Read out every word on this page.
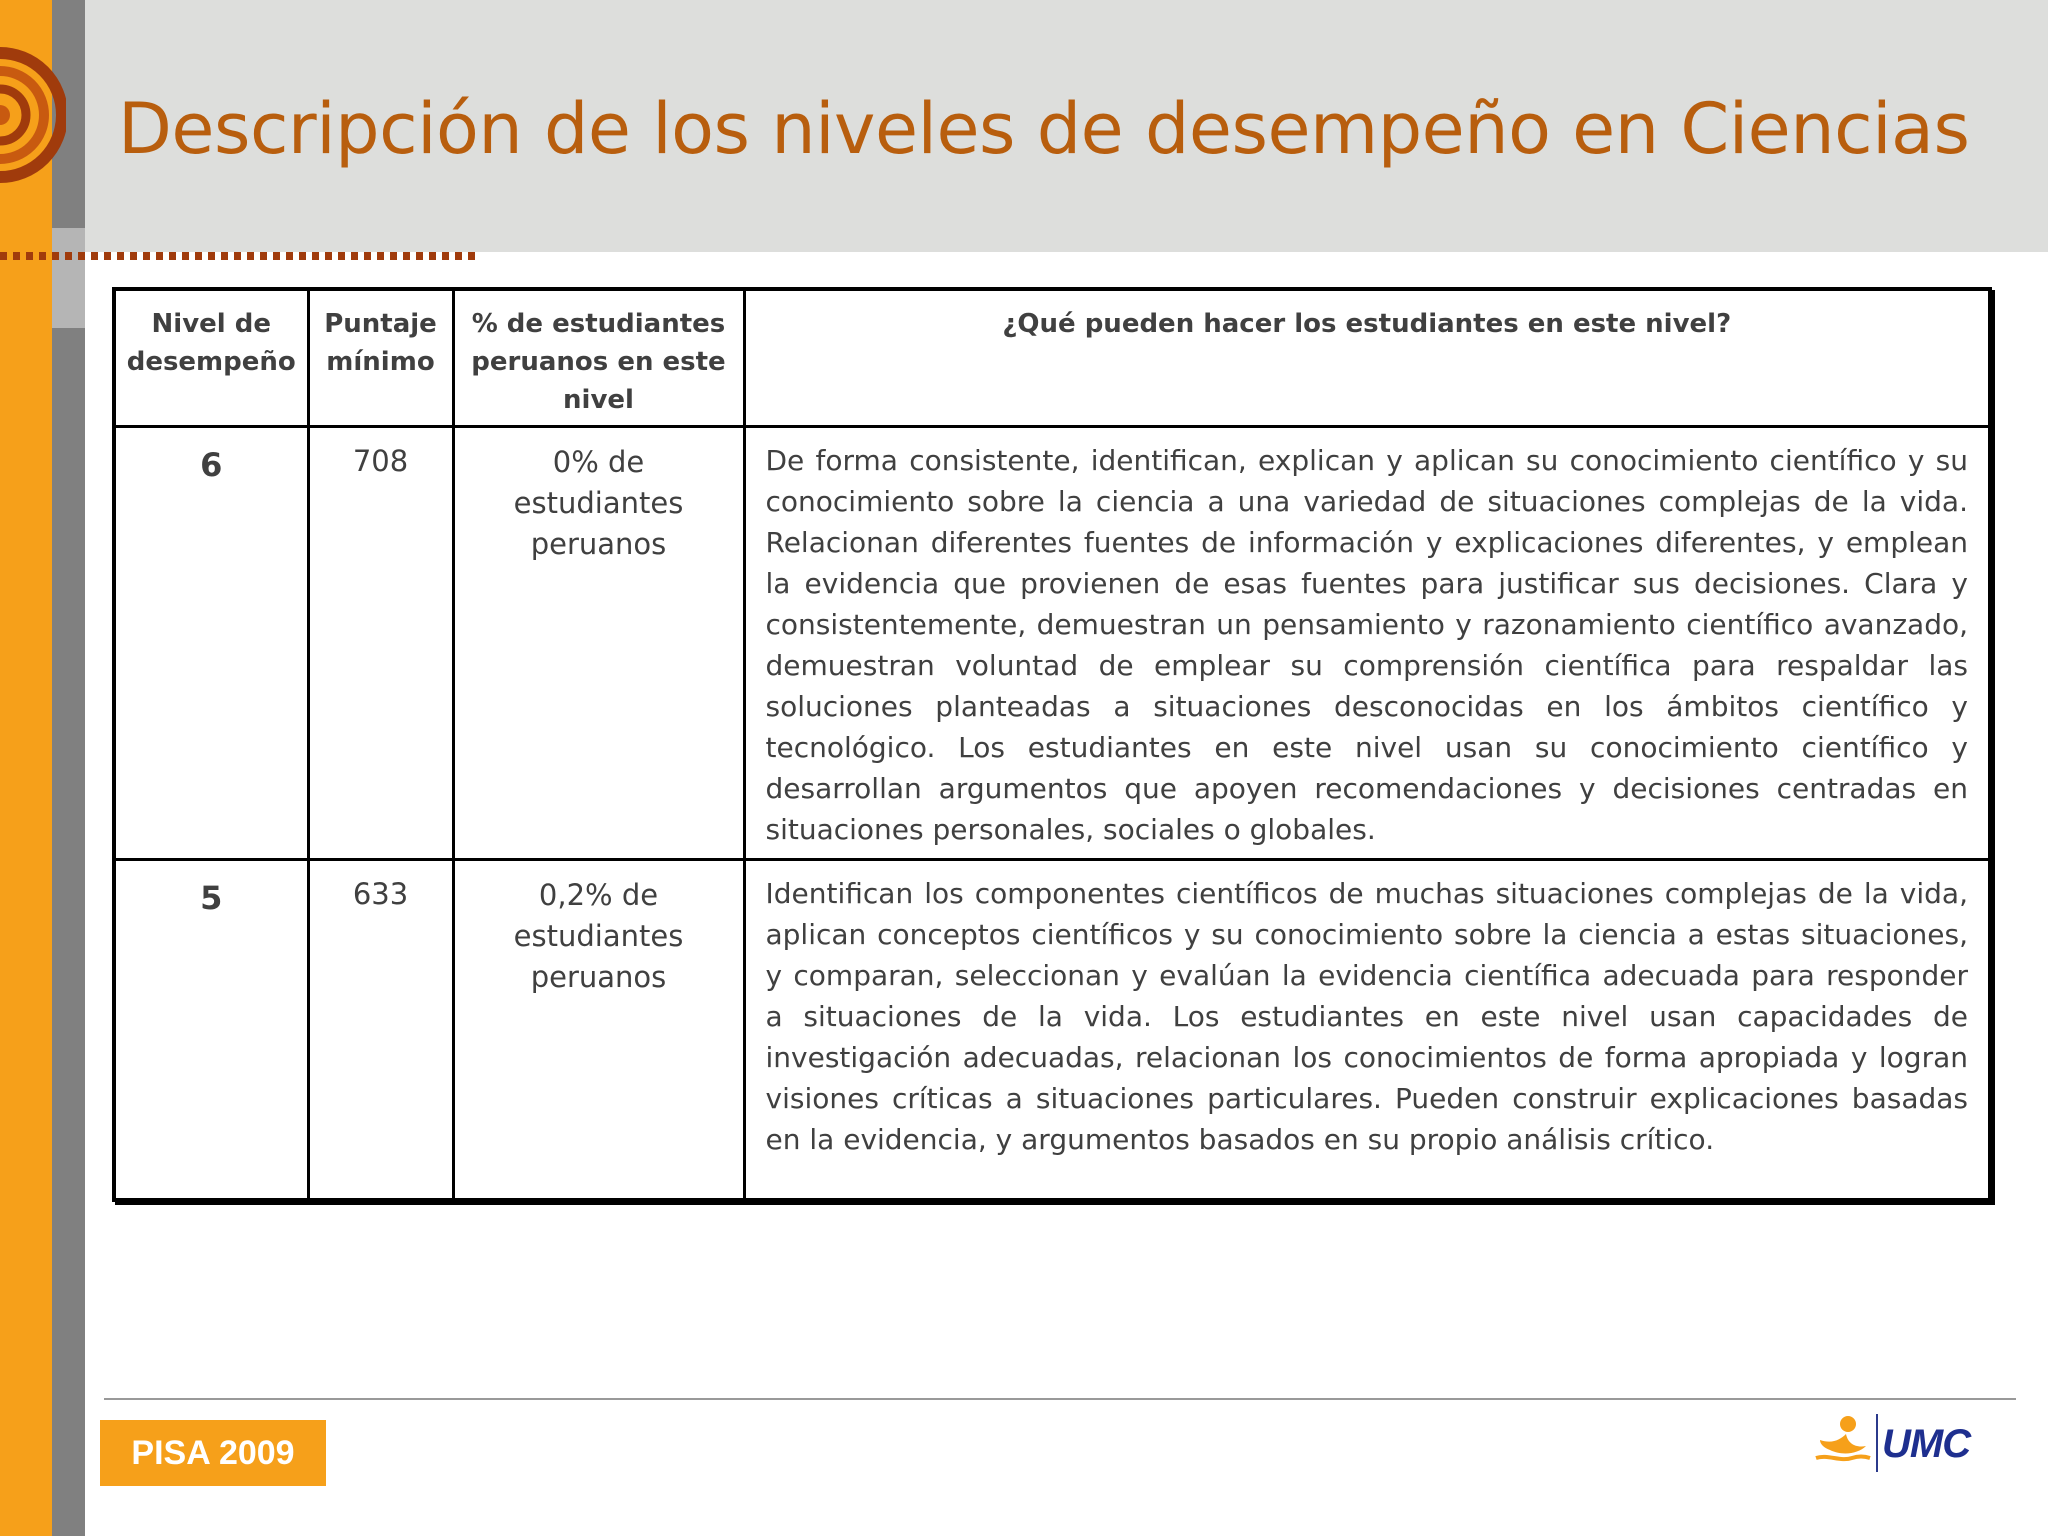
Descripción de los niveles de desempeño en Ciencias
Nivel de desempeño	Puntaje mínimo	% de estudiantes peruanos en este nivel	¿Qué pueden hacer los estudiantes en este nivel?
6	708	0% de estudiantes peruanos	De forma consistente, identifican, explican y aplican su conocimiento científico y su conocimiento sobre la ciencia a una variedad de situaciones complejas de la vida. Relacionan diferentes fuentes de información y explicaciones diferentes, y emplean la evidencia que provienen de esas fuentes para justificar sus decisiones. Clara y consistentemente, demuestran un pensamiento y razonamiento científico avanzado, demuestran voluntad de emplear su comprensión científica para respaldar las soluciones planteadas a situaciones desconocidas en los ámbitos científico y tecnológico. Los estudiantes en este nivel usan su conocimiento científico y desarrollan argumentos que apoyen recomendaciones y decisiones centradas en situaciones personales, sociales o globales.
5	633	0,2% de estudiantes peruanos	Identifican los componentes científicos de muchas situaciones complejas de la vida, aplican conceptos científicos y su conocimiento sobre la ciencia a estas situaciones, y comparan, seleccionan y evalúan la evidencia científica adecuada para responder a situaciones de la vida. Los estudiantes en este nivel usan capacidades de investigación adecuadas, relacionan los conocimientos de forma apropiada y logran visiones críticas a situaciones particulares. Pueden construir explicaciones basadas en la evidencia, y argumentos basados en su propio análisis crítico.
PISA 2009	UMC
